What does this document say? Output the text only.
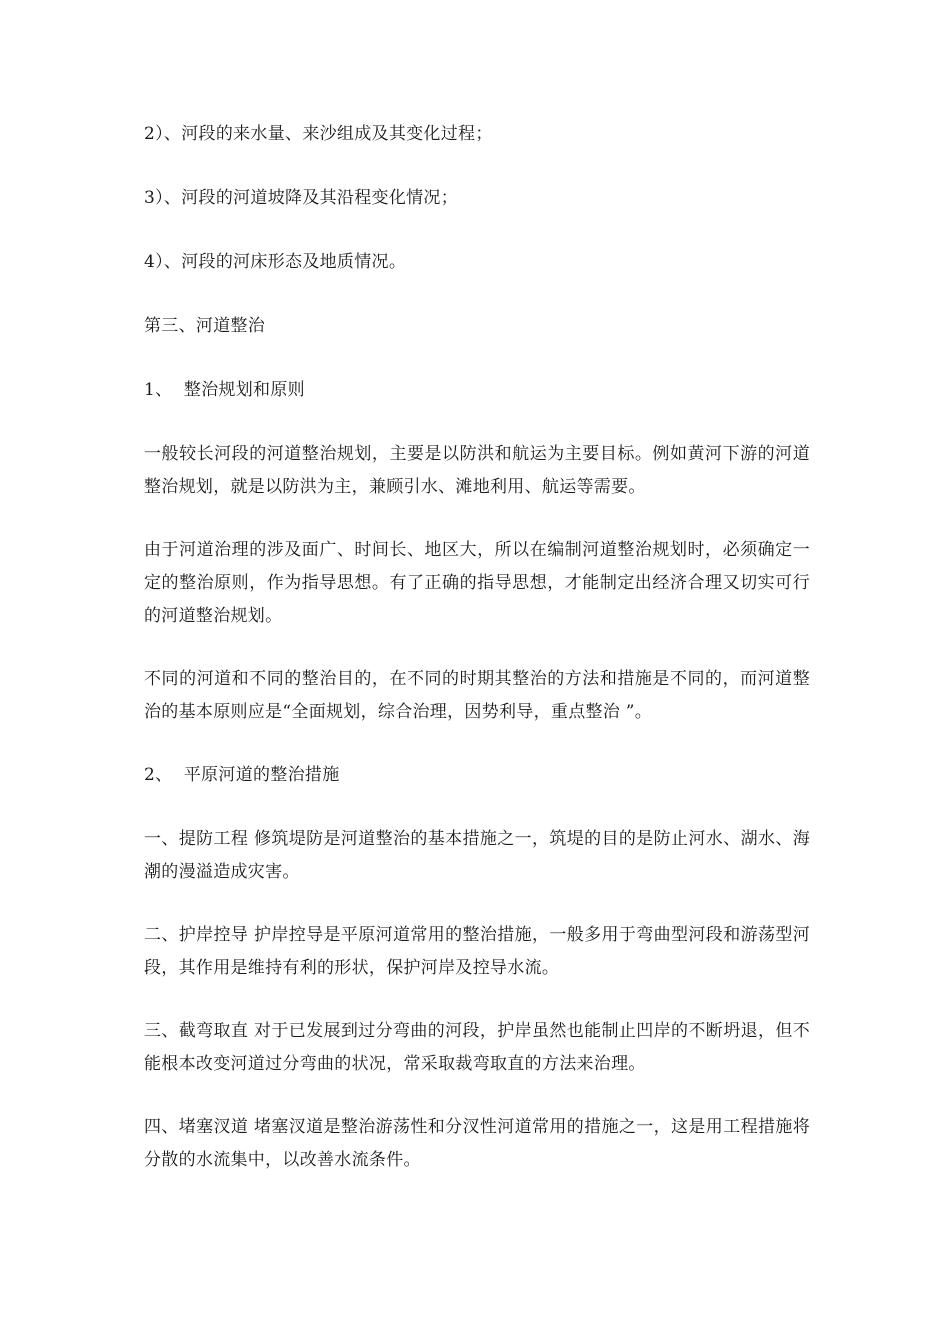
2）、河段的来水量、来沙组成及其变化过程；

3）、河段的河道坡降及其沿程变化情况；

4）、河段的河床形态及地质情况。

第三、河道整治

1、  整治规划和原则

一般较长河段的河道整治规划，主要是以防洪和航运为主要目标。例如黄河下游的河道整治规划，就是以防洪为主，兼顾引水、滩地利用、航运等需要。

由于河道治理的涉及面广、时间长、地区大，所以在编制河道整治规划时，必须确定一定的整治原则，作为指导思想。有了正确的指导思想，才能制定出经济合理又切实可行的河道整治规划。

不同的河道和不同的整治目的，在不同的时期其整治的方法和措施是不同的，而河道整治的基本原则应是“全面规划，综合治理，因势利导，重点整治 ”。

2、  平原河道的整治措施

一、提防工程 修筑堤防是河道整治的基本措施之一，筑堤的目的是防止河水、湖水、海潮的漫溢造成灾害。

二、护岸控导 护岸控导是平原河道常用的整治措施，一般多用于弯曲型河段和游荡型河段，其作用是维持有利的形状，保护河岸及控导水流。

三、截弯取直 对于已发展到过分弯曲的河段，护岸虽然也能制止凹岸的不断坍退，但不能根本改变河道过分弯曲的状况，常采取裁弯取直的方法来治理。

四、堵塞汊道 堵塞汊道是整治游荡性和分汊性河道常用的措施之一，这是用工程措施将分散的水流集中，以改善水流条件。
